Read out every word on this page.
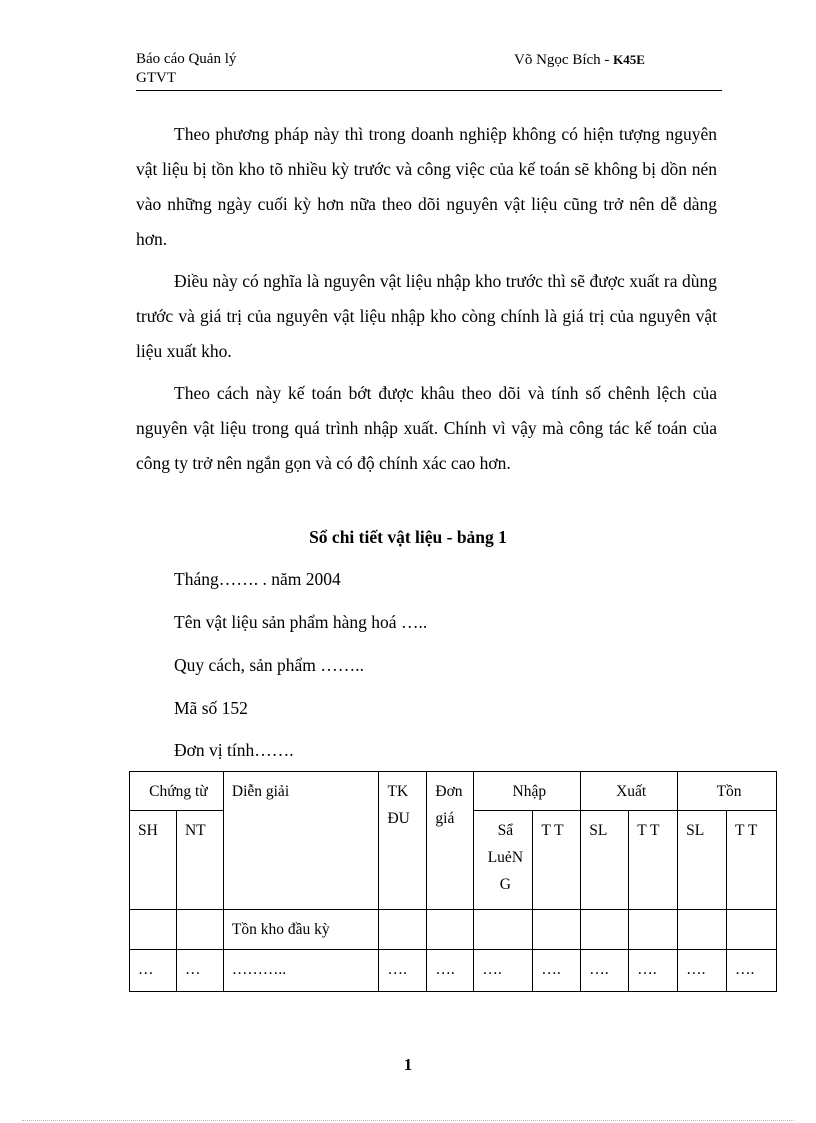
Báo cáo Quản lý
GTVT
Võ Ngọc Bích - K45E

Theo phương pháp này thì trong doanh nghiệp không có hiện tượng nguyên vật liệu bị tồn kho tõ nhiều kỳ trước và công việc của kế toán sẽ không bị dồn nén vào những ngày cuối kỳ hơn nữa theo dõi nguyên vật liệu cũng trở nên dễ dàng hơn.

Điều này có nghĩa là nguyên vật liệu nhập kho trước thì sẽ được xuất ra dùng trước và giá trị của nguyên vật liệu nhập kho còng chính là giá trị của nguyên vật liệu xuất kho.

Theo cách này kế toán bớt được khâu theo dõi và tính số chênh lệch của nguyên vật liệu trong quá trình nhập xuất. Chính vì vậy mà công tác kế toán của công ty trở nên ngắn gọn và có độ chính xác cao hơn.

Sổ chi tiết vật liệu - bảng 1
Tháng……. . năm 2004
Tên vật liệu sản phẩm hàng hoá …..
Quy cách, sản phẩm ……..
Mã số 152
Đơn vị tính…….
Chứng từ		Diễn giải	TK ĐU	Đơn giá	Nhập		Xuất		Tồn	
SH	NT				Sẩ LuẻN G	T T	SL	T T	SL	T T
		Tồn kho đầu kỳ								
…	…	………..	….	….	….	….	….	….	….	….
1
